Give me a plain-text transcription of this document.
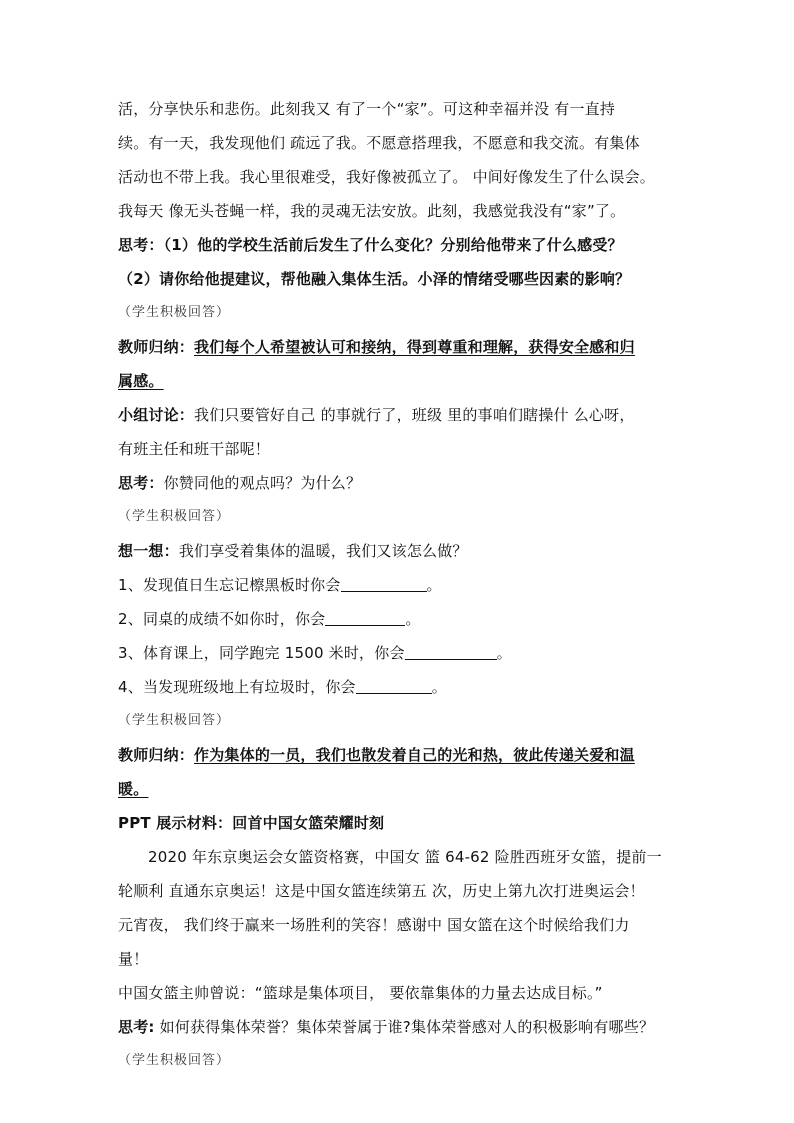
活，分享快乐和悲伤。此刻我又 有了一个“家”。可这种幸福并没 有一直持
续。有一天，我发现他们 疏远了我。不愿意搭理我，不愿意和我交流。有集体
活动也不带上我。我心里很难受，我好像被孤立了。 中间好像发生了什么误会。
我每天 像无头苍蝇一样，我的灵魂无法安放。此刻，我感觉我没有“家”了。
思考：（1）他的学校生活前后发生了什么变化？分别给他带来了什么感受？
（2）请你给他提建议，帮他融入集体生活。小泽的情绪受哪些因素的影响？
（学生积极回答）
教师归纳：我们每个人希望被认可和接纳，得到尊重和理解，获得安全感和归
属感。
小组讨论：我们只要管好自己 的事就行了，班级 里的事咱们瞎操什 么心呀，
有班主任和班干部呢！
思考：你赞同他的观点吗？为什么？
（学生积极回答）
想一想：我们享受着集体的温暖，我们又该怎么做？
1、发现值日生忘记檫黑板时你会	。
2、同桌的成绩不如你时，你会	。
3、体育课上，同学跑完 1500 米时，你会	。
4、当发现班级地上有垃圾时，你会	。
（学生积极回答）
教师归纳：作为集体的一员，我们也散发着自己的光和热，彼此传递关爱和温
暖。
PPT 展示材料：回首中国女篮荣耀时刻
2020 年东京奥运会女篮资格赛，中国女 篮 64-62 险胜西班牙女篮，提前一
轮顺利 直通东京奥运！这是中国女篮连续第五 次，历史上第九次打进奥运会！
元宵夜， 我们终于赢来一场胜利的笑容！感谢中 国女篮在这个时候给我们力
量！
中国女篮主帅曾说：“篮球是集体项目， 要依靠集体的力量去达成目标。”
思考: 如何获得集体荣誉？集体荣誉属于谁?集体荣誉感对人的积极影响有哪些？
（学生积极回答）
